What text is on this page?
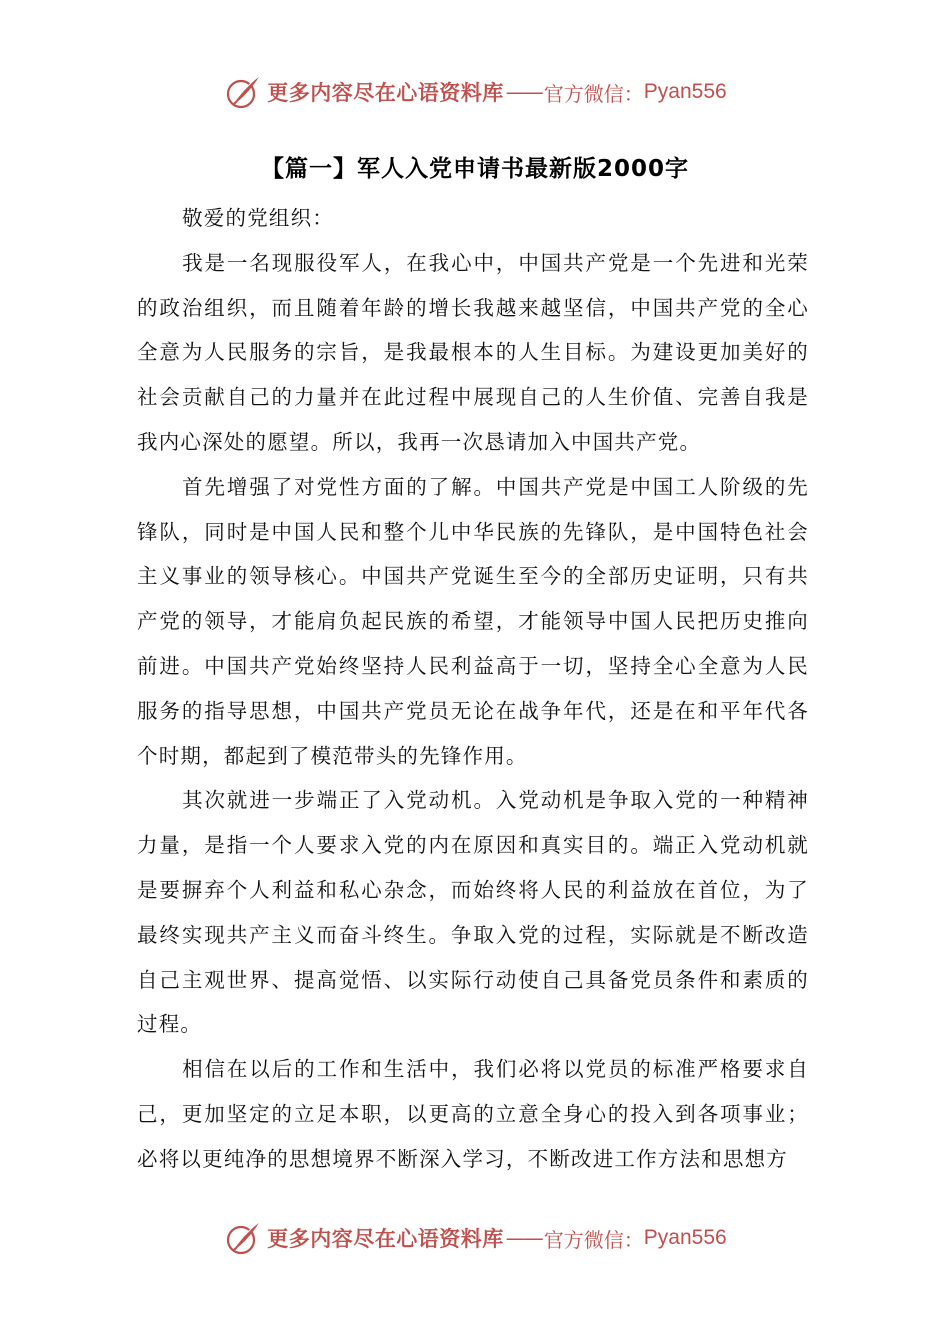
更多内容尽在心语资料库 —— 官方微信： Pyan556
【篇一】军人入党申请书最新版2000字

敬爱的党组织：

我是一名现服役军人，在我心中，中国共产党是一个先进和光荣的政治组织，而且随着年龄的增长我越来越坚信，中国共产党的全心全意为人民服务的宗旨，是我最根本的人生目标。为建设更加美好的社会贡献自己的力量并在此过程中展现自己的人生价值、完善自我是我内心深处的愿望。所以，我再一次恳请加入中国共产党。

首先增强了对党性方面的了解。中国共产党是中国工人阶级的先锋队，同时是中国人民和整个儿中华民族的先锋队，是中国特色社会主义事业的领导核心。中国共产党诞生至今的全部历史证明，只有共产党的领导，才能肩负起民族的希望，才能领导中国人民把历史推向前进。中国共产党始终坚持人民利益高于一切，坚持全心全意为人民服务的指导思想，中国共产党员无论在战争年代，还是在和平年代各个时期，都起到了模范带头的先锋作用。

其次就进一步端正了入党动机。入党动机是争取入党的一种精神力量，是指一个人要求入党的内在原因和真实目的。端正入党动机就是要摒弃个人利益和私心杂念，而始终将人民的利益放在首位，为了最终实现共产主义而奋斗终生。争取入党的过程，实际就是不断改造自己主观世界、提高觉悟、以实际行动使自己具备党员条件和素质的过程。

相信在以后的工作和生活中，我们必将以党员的标准严格要求自己，更加坚定的立足本职，以更高的立意全身心的投入到各项事业；必将以更纯净的思想境界不断深入学习，不断改进工作方法和思想方

更多内容尽在心语资料库 —— 官方微信： Pyan556
